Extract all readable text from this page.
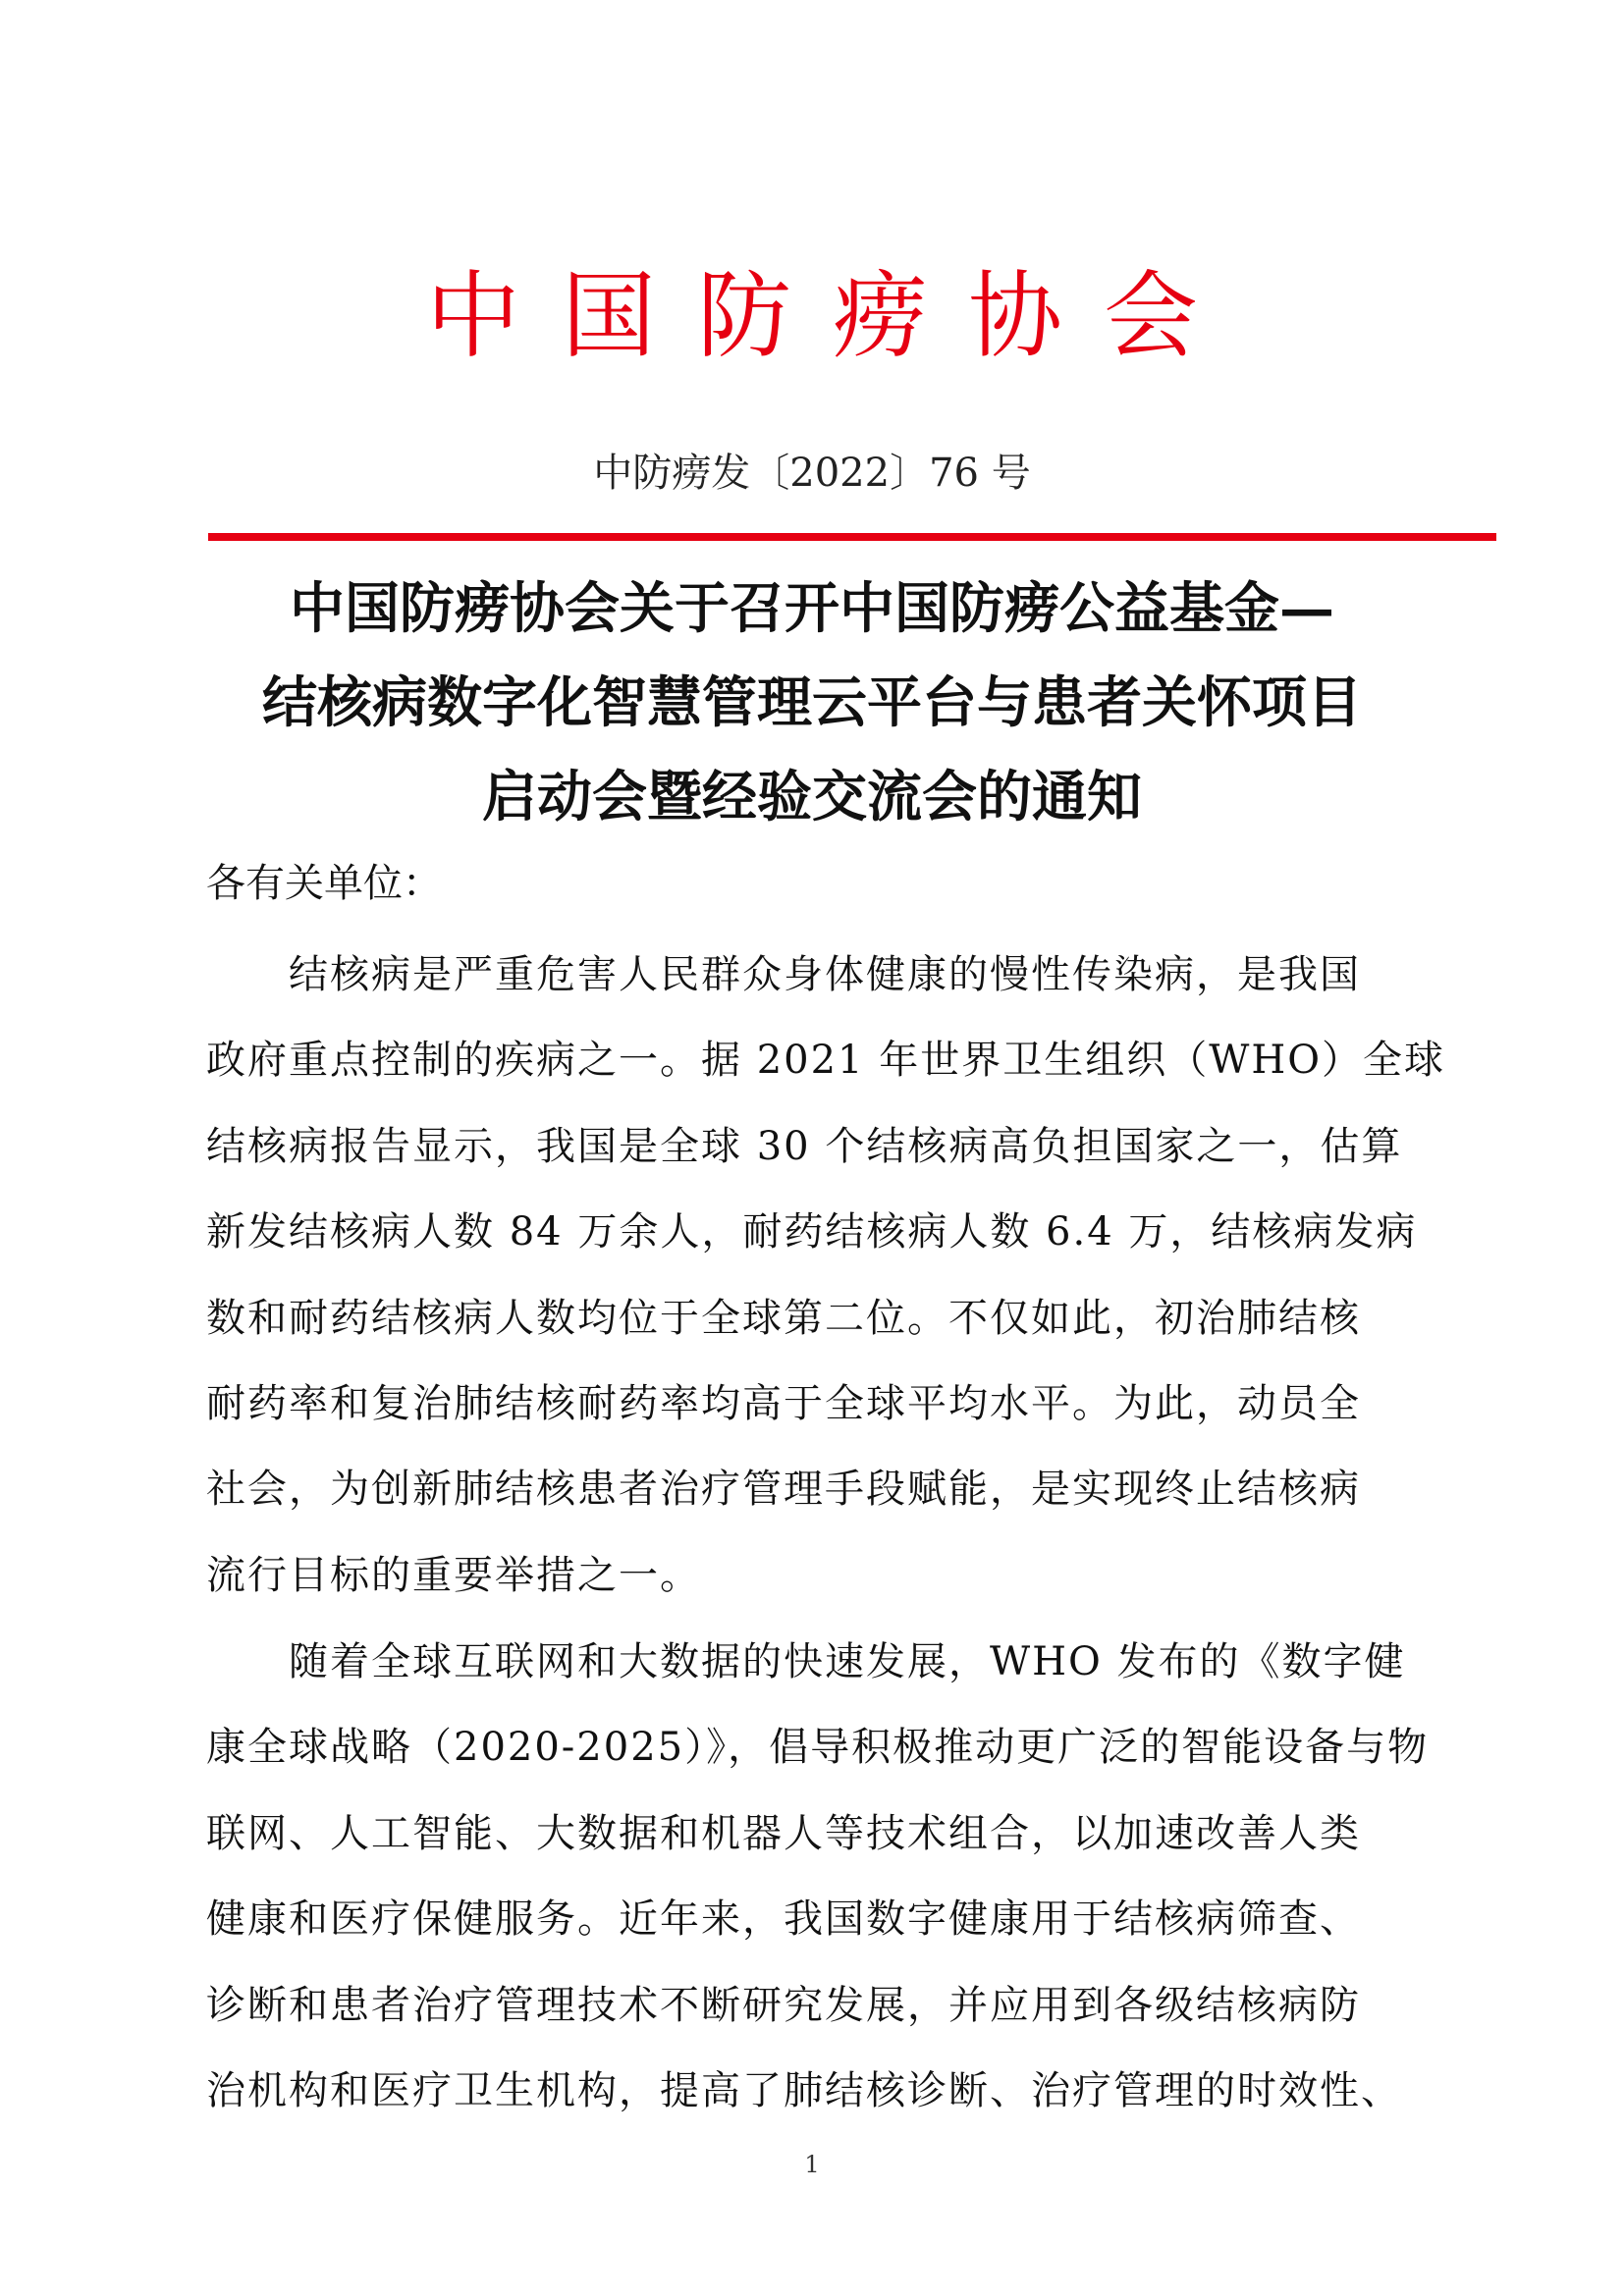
中国防痨协会
中防痨发〔2022〕76 号
中国防痨协会关于召开中国防痨公益基金—
结核病数字化智慧管理云平台与患者关怀项目
启动会暨经验交流会的通知
各有关单位：
结核病是严重危害人民群众身体健康的慢性传染病，是我国
政府重点控制的疾病之一。据 2021 年世界卫生组织（WHO）全球
结核病报告显示，我国是全球 30 个结核病高负担国家之一，估算
新发结核病人数 84 万余人，耐药结核病人数 6.4 万，结核病发病
数和耐药结核病人数均位于全球第二位。不仅如此，初治肺结核
耐药率和复治肺结核耐药率均高于全球平均水平。为此，动员全
社会，为创新肺结核患者治疗管理手段赋能，是实现终止结核病
流行目标的重要举措之一。
随着全球互联网和大数据的快速发展，WHO 发布的《数字健
康全球战略（2020-2025）》，倡导积极推动更广泛的智能设备与物
联网、人工智能、大数据和机器人等技术组合，以加速改善人类
健康和医疗保健服务。近年来，我国数字健康用于结核病筛查、
诊断和患者治疗管理技术不断研究发展，并应用到各级结核病防
治机构和医疗卫生机构，提高了肺结核诊断、治疗管理的时效性、
1
